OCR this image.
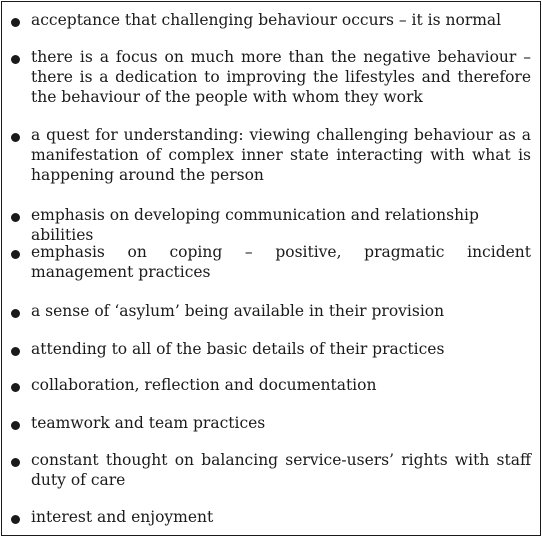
acceptance that challenging behaviour occurs – it is normal

there is a focus on much more than the negative behaviour – there is a dedication to improving the lifestyles and therefore the behaviour of the people with whom they work

a quest for understanding: viewing challenging behaviour as a manifestation of complex inner state interacting with what is happening around the person

emphasis on developing communication and relationship abilities

emphasis on coping – positive, pragmatic incident management practices

a sense of ‘asylum’ being available in their provision

attending to all of the basic details of their practices

collaboration, reflection and documentation

teamwork and team practices

constant thought on balancing service-users’ rights with staff duty of care

interest and enjoyment
